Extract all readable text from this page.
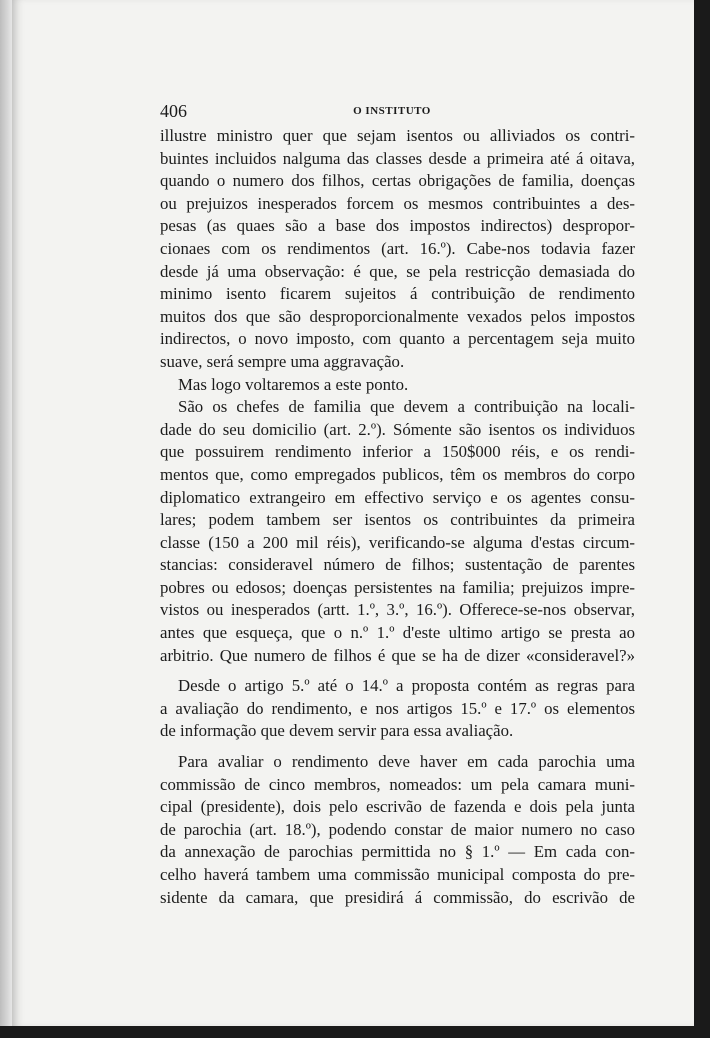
406	O INSTITUTO

illustre ministro quer que sejam isentos ou alliviados os contri-
buintes incluidos nalguma das classes desde a primeira até á oitava,
quando o numero dos filhos, certas obrigações de familia, doenças
ou prejuizos inesperados forcem os mesmos contribuintes a des-
pesas (as quaes são a base dos impostos indirectos) despropor-
cionaes com os rendimentos (art. 16.º). Cabe-nos todavia fazer
desde já uma observação: é que, se pela restricção demasiada do
minimo isento ficarem sujeitos á contribuição de rendimento
muitos dos que são desproporcionalmente vexados pelos impostos
indirectos, o novo imposto, com quanto a percentagem seja muito

suave, será sempre uma aggravação.

Mas logo voltaremos a este ponto.

São os chefes de familia que devem a contribuição na locali-
dade do seu domicilio (art. 2.º). Sómente são isentos os individuos
que possuirem rendimento inferior a 150$000 réis, e os rendi-
mentos que, como empregados publicos, têm os membros do corpo
diplomatico extrangeiro em effectivo serviço e os agentes consu-
lares; podem tambem ser isentos os contribuintes da primeira
classe (150 a 200 mil réis), verificando-se alguma d'estas circum-
stancias: consideravel número de filhos; sustentação de parentes
pobres ou edosos; doenças persistentes na familia; prejuizos impre-
vistos ou inesperados (artt. 1.º, 3.º, 16.º). Offerece-se-nos observar,
antes que esqueça, que o n.º 1.º d'este ultimo artigo se presta ao
arbitrio. Que numero de filhos é que se ha de dizer «consideravel?»

Desde o artigo 5.º até o 14.º a proposta contém as regras para
a avaliação do rendimento, e nos artigos 15.º e 17.º os elementos

de informação que devem servir para essa avaliação.

Para avaliar o rendimento deve haver em cada parochia uma
commissão de cinco membros, nomeados: um pela camara muni-
cipal (presidente), dois pelo escrivão de fazenda e dois pela junta
de parochia (art. 18.º), podendo constar de maior numero no caso
da annexação de parochias permittida no § 1.º — Em cada con-
celho haverá tambem uma commissão municipal composta do pre-
sidente da camara, que presidirá á commissão, do escrivão de
